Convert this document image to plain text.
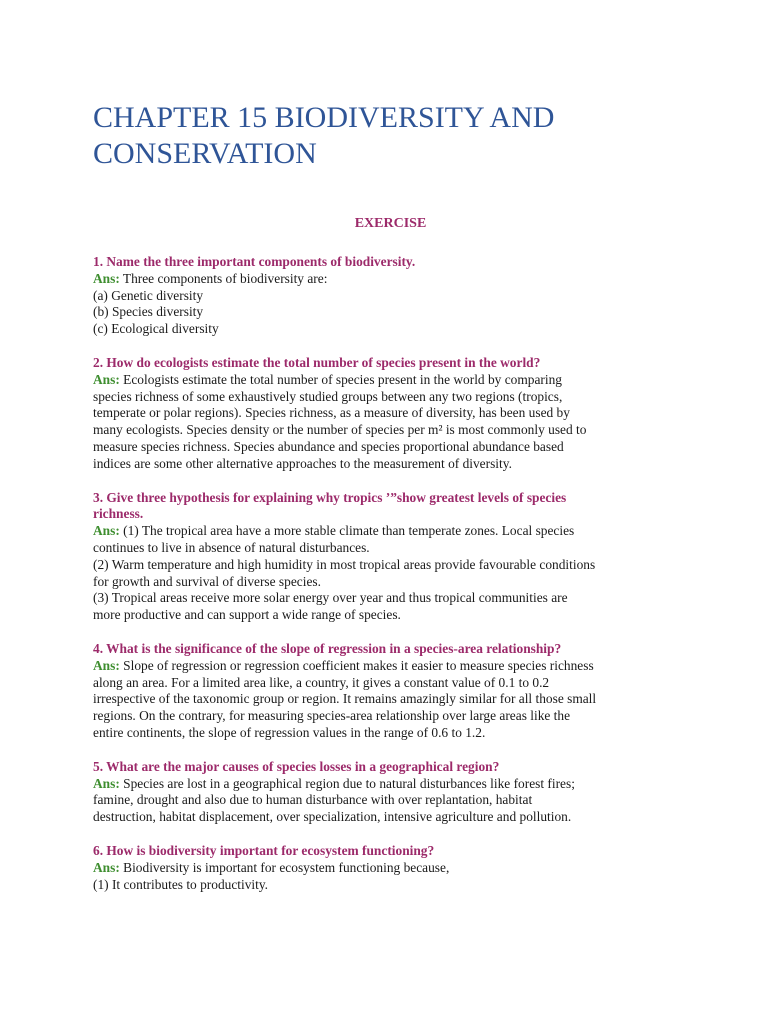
CHAPTER 15 BIODIVERSITY AND
CONSERVATION
EXERCISE
1. Name the three important components of biodiversity.
Ans: Three components of biodiversity are:
(a) Genetic diversity
(b) Species diversity
(c) Ecological diversity
2. How do ecologists estimate the total number of species present in the world?
Ans: Ecologists estimate the total number of species present in the world by comparing
species richness of some exhaustively studied groups between any two regions (tropics,
temperate or polar regions). Species richness, as a measure of diversity, has been used by
many ecologists. Species density or the number of species per m² is most commonly used to
measure species richness. Species abundance and species proportional abundance based
indices are some other alternative approaches to the measurement of diversity.
3. Give three hypothesis for explaining why tropics ’”show greatest levels of species
richness.
Ans: (1) The tropical area have a more stable climate than temperate zones. Local species
continues to live in absence of natural disturbances.
(2) Warm temperature and high humidity in most tropical areas provide favourable conditions
for growth and survival of diverse species.
(3) Tropical areas receive more solar energy over year and thus tropical communities are
more productive and can support a wide range of species.
4. What is the significance of the slope of regression in a species-area relationship?
Ans: Slope of regression or regression coefficient makes it easier to measure species richness
along an area. For a limited area like, a country, it gives a constant value of 0.1 to 0.2
irrespective of the taxonomic group or region. It remains amazingly similar for all those small
regions. On the contrary, for measuring species-area relationship over large areas like the
entire continents, the slope of regression values in the range of 0.6 to 1.2.
5. What are the major causes of species losses in a geographical region?
Ans: Species are lost in a geographical region due to natural disturbances like forest fires;
famine, drought and also due to human disturbance with over replantation, habitat
destruction, habitat displacement, over specialization, intensive agriculture and pollution.
6. How is biodiversity important for ecosystem functioning?
Ans: Biodiversity is important for ecosystem functioning because,
(1) It contributes to productivity.
